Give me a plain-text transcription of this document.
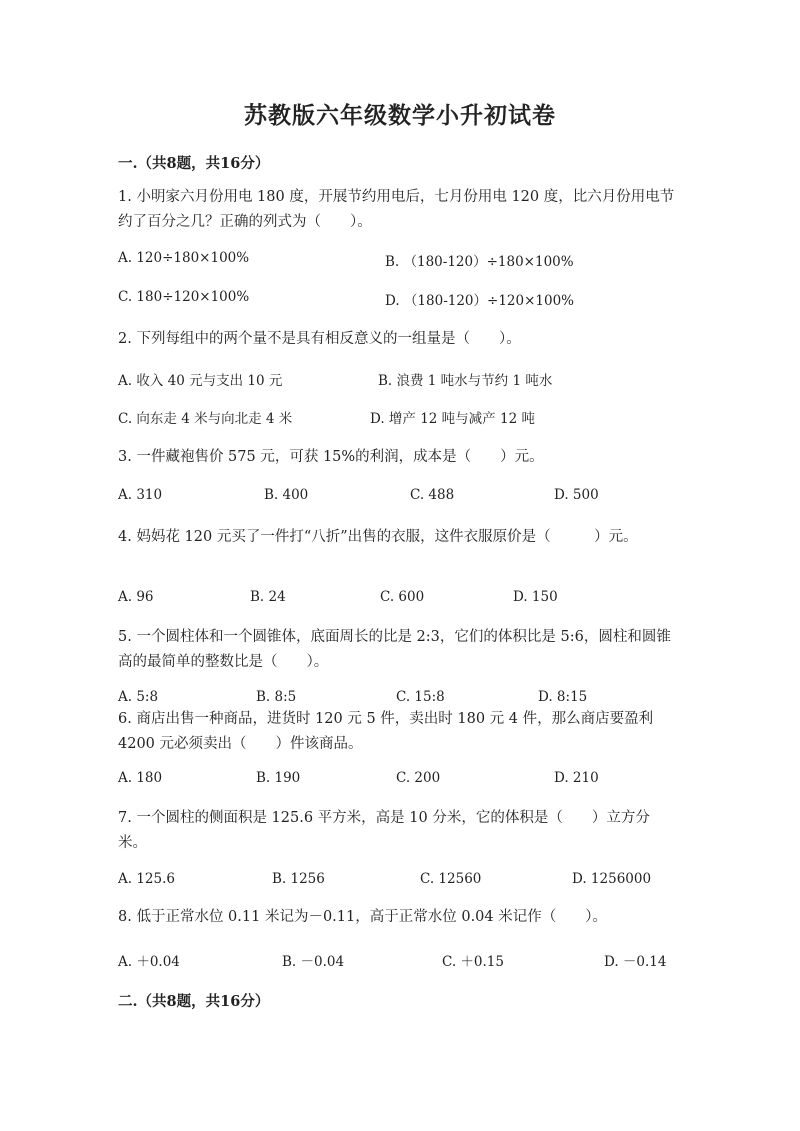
苏教版六年级数学小升初试卷
一.（共8题，共16分）
1. 小明家六月份用电 180 度，开展节约用电后，七月份用电 120 度，比六月份用电节约了百分之几？正确的列式为（　　）。
A. 120÷180×100%	B. （180-120）÷180×100%
C. 180÷120×100%	D. （180-120）÷120×100%
2. 下列每组中的两个量不是具有相反意义的一组量是（　　）。
A. 收入 40 元与支出 10 元	B. 浪费 1 吨水与节约 1 吨水
C. 向东走 4 米与向北走 4 米	D. 增产 12 吨与减产 12 吨
3. 一件藏袍售价 575 元，可获 15%的利润，成本是（　　）元。
A. 310	B. 400	C. 488	D. 500
4. 妈妈花 120 元买了一件打“八折”出售的衣服，这件衣服原价是（　　　）元。
A. 96	B. 24	C. 600	D. 150
5. 一个圆柱体和一个圆锥体，底面周长的比是 2:3，它们的体积比是 5:6，圆柱和圆锥高的最简单的整数比是（　　）。
A. 5:8	B. 8:5	C. 15:8	D. 8:15
6. 商店出售一种商品，进货时 120 元 5 件，卖出时 180 元 4 件，那么商店要盈利 4200 元必须卖出（　　）件该商品。
A. 180	B. 190	C. 200	D. 210
7. 一个圆柱的侧面积是 125.6 平方米，高是 10 分米，它的体积是（　　）立方分米。
A. 125.6	B. 1256	C. 12560	D. 1256000
8. 低于正常水位 0.11 米记为－0.11，高于正常水位 0.04 米记作（　　）。
A. ＋0.04	B. －0.04	C. ＋0.15	D. －0.14
二.（共8题，共16分）
